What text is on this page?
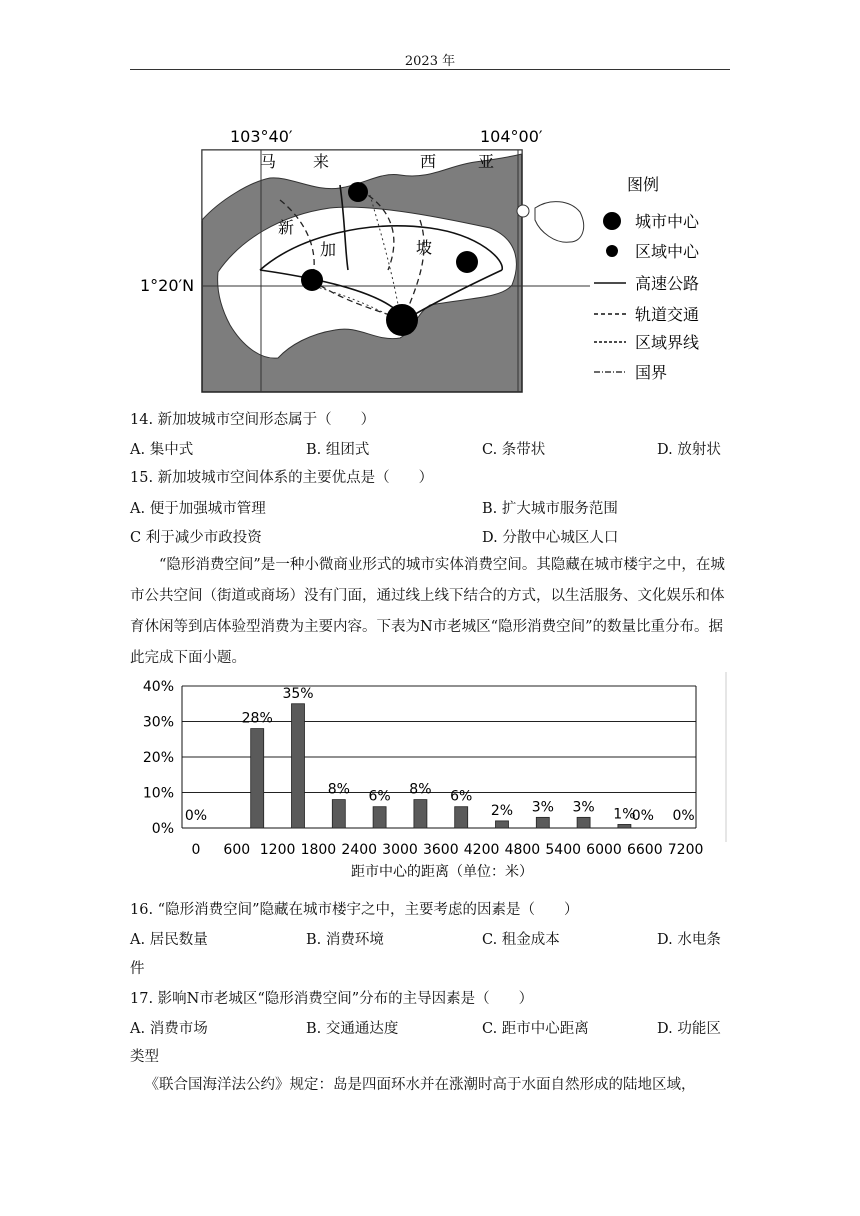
2023 年
103°40′	104°00′
1°20′N
马 来	西	亚
新
加	坡
图例
城市中心
区域中心
高速公路
轨道交通
区域界线
国界
14. 新加坡城市空间形态属于（　　）
A. 集中式	B. 组团式	C. 条带状	D. 放射状
15. 新加坡城市空间体系的主要优点是（　　）
A. 便于加强城市管理	B. 扩大城市服务范围
C 利于减少市政投资	D. 分散中心城区人口
“隐形消费空间”是一种小微商业形式的城市实体消费空间。其隐藏在城市楼宇之中，在城市公共空间（街道或商场）没有门面，通过线上线下结合的方式，以生活服务、文化娱乐和体育休闲等到店体验型消费为主要内容。下表为N市老城区“隐形消费空间”的数量比重分布。据此完成下面小题。
0%
10%
20%
30%
40%
0
0%
600
28%
1200
35%
1800
8%
2400
6%
3000
8%
3600
6%
4200
2%
4800
3%
5400
3%
6000
1%
6600
0%
7200
0%
距市中心的距离（单位：米）
16. “隐形消费空间”隐藏在城市楼宇之中，主要考虑的因素是（　　）
A. 居民数量	B. 消费环境	C. 租金成本	D. 水电条
件
17. 影响N市老城区“隐形消费空间”分布的主导因素是（　　）
A. 消费市场	B. 交通通达度	C. 距市中心距离	D. 功能区
类型
《联合国海洋法公约》规定：岛是四面环水并在涨潮时高于水面自然形成的陆地区域，
